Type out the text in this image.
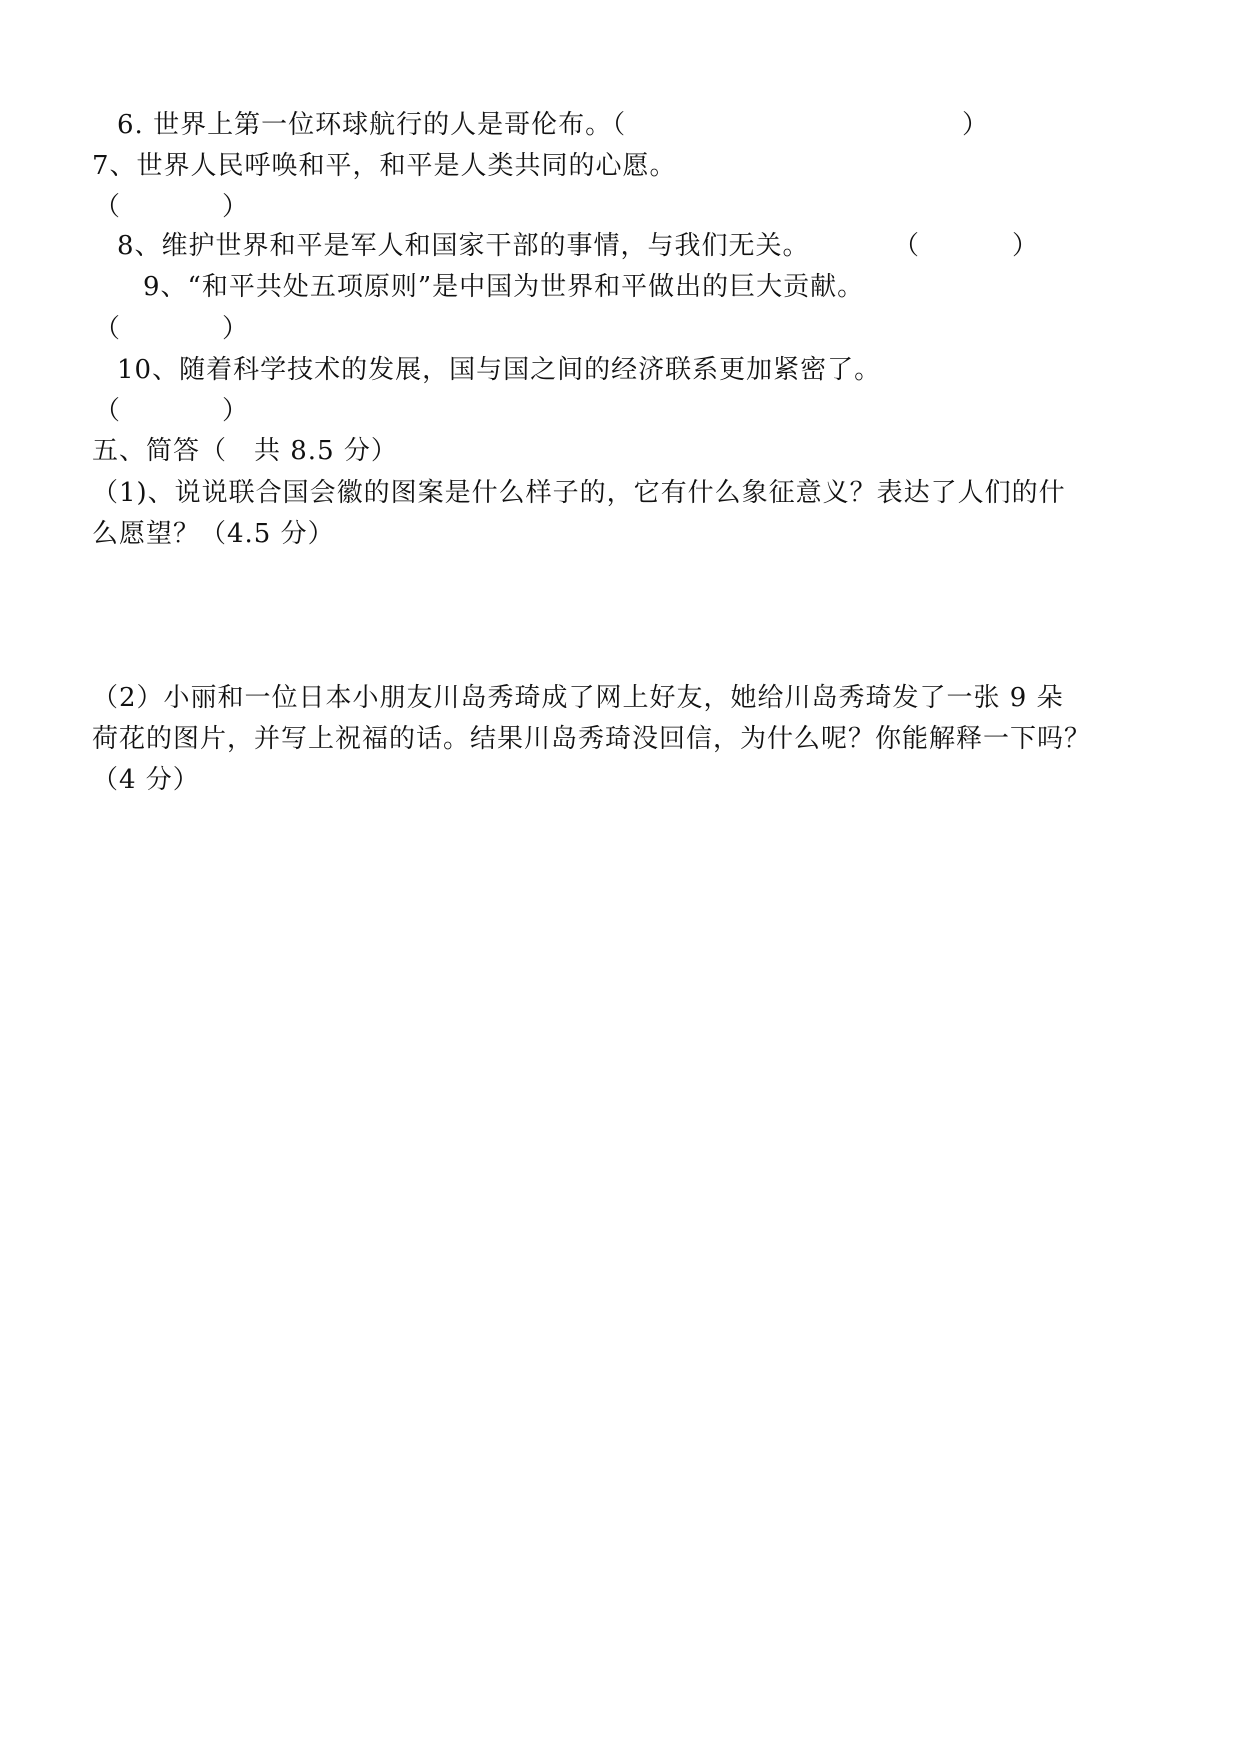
6. 世界上第一位环球航行的人是哥伦布。（	）
7、世界人民呼唤和平，和平是人类共同的心愿。
（	）
8、维护世界和平是军人和国家干部的事情，与我们无关。	（	）
9、“和平共处五项原则”是中国为世界和平做出的巨大贡献。
（	）
10、随着科学技术的发展，国与国之间的经济联系更加紧密了。
（	）
五、简答（　共 8.5 分）
（1)、说说联合国会徽的图案是什么样子的，它有什么象征意义？表达了人们的什
么愿望？（4.5 分）
（2）小丽和一位日本小朋友川岛秀琦成了网上好友，她给川岛秀琦发了一张 9 朵
荷花的图片，并写上祝福的话。结果川岛秀琦没回信，为什么呢？你能解释一下吗？
（4 分）
